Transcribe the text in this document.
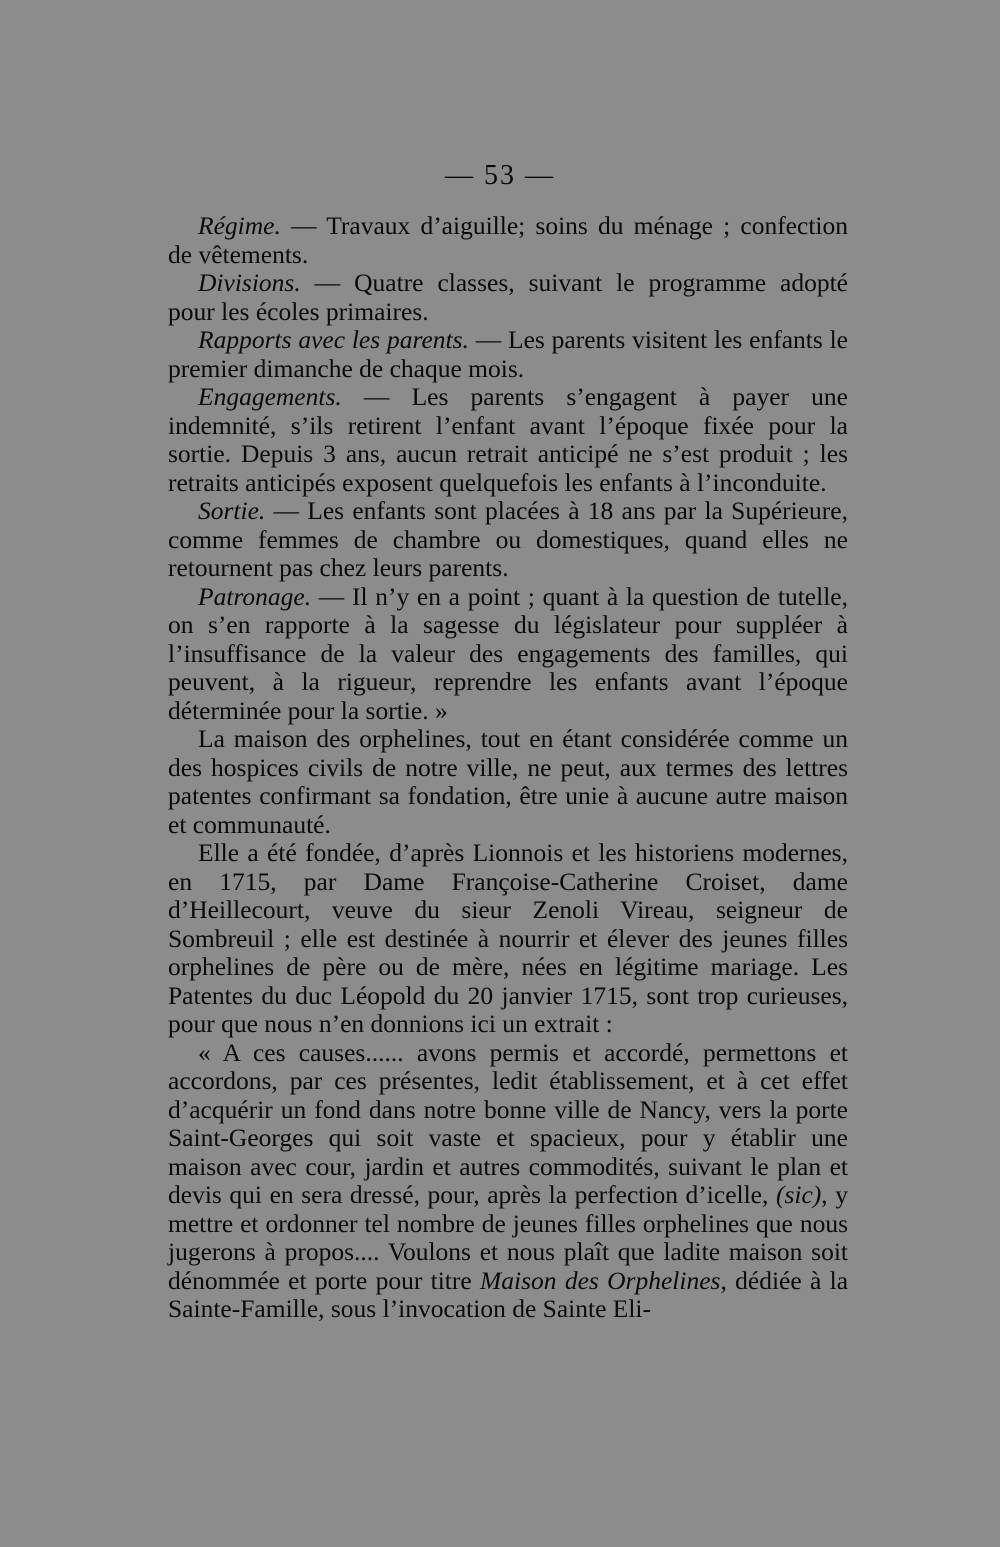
— 53 —

Régime. — Travaux d’aiguille; soins du ménage ; confection de vêtements.

Divisions. — Quatre classes, suivant le programme adopté pour les écoles primaires.

Rapports avec les parents. — Les parents visitent les enfants le premier dimanche de chaque mois.

Engagements. — Les parents s’engagent à payer une indemnité, s’ils retirent l’enfant avant l’époque fixée pour la sortie. Depuis 3 ans, aucun retrait anticipé ne s’est produit ; les retraits anticipés exposent quelquefois les enfants à l’inconduite.

Sortie. — Les enfants sont placées à 18 ans par la Supérieure, comme femmes de chambre ou domestiques, quand elles ne retournent pas chez leurs parents.

Patronage. — Il n’y en a point ; quant à la question de tutelle, on s’en rapporte à la sagesse du législateur pour suppléer à l’insuffisance de la valeur des engagements des familles, qui peuvent, à la rigueur, reprendre les enfants avant l’époque déterminée pour la sortie. »

La maison des orphelines, tout en étant considérée comme un des hospices civils de notre ville, ne peut, aux termes des lettres patentes confirmant sa fondation, être unie à aucune autre maison et communauté.

Elle a été fondée, d’après Lionnois et les historiens modernes, en 1715, par Dame Françoise-Catherine Croiset, dame d’Heillecourt, veuve du sieur Zenoli Vireau, seigneur de Sombreuil ; elle est destinée à nourrir et élever des jeunes filles orphelines de père ou de mère, nées en légitime mariage. Les Patentes du duc Léopold du 20 janvier 1715, sont trop curieuses, pour que nous n’en donnions ici un extrait :

« A ces causes...... avons permis et accordé, permettons et accordons, par ces présentes, ledit établissement, et à cet effet d’acquérir un fond dans notre bonne ville de Nancy, vers la porte Saint-Georges qui soit vaste et spacieux, pour y établir une maison avec cour, jardin et autres commodités, suivant le plan et devis qui en sera dressé, pour, après la perfection d’icelle, (sic), y mettre et ordonner tel nombre de jeunes filles orphelines que nous jugerons à propos.... Voulons et nous plaît que ladite maison soit dénommée et porte pour titre Maison des Orphelines, dédiée à la Sainte-Famille, sous l’invocation de Sainte Eli-
